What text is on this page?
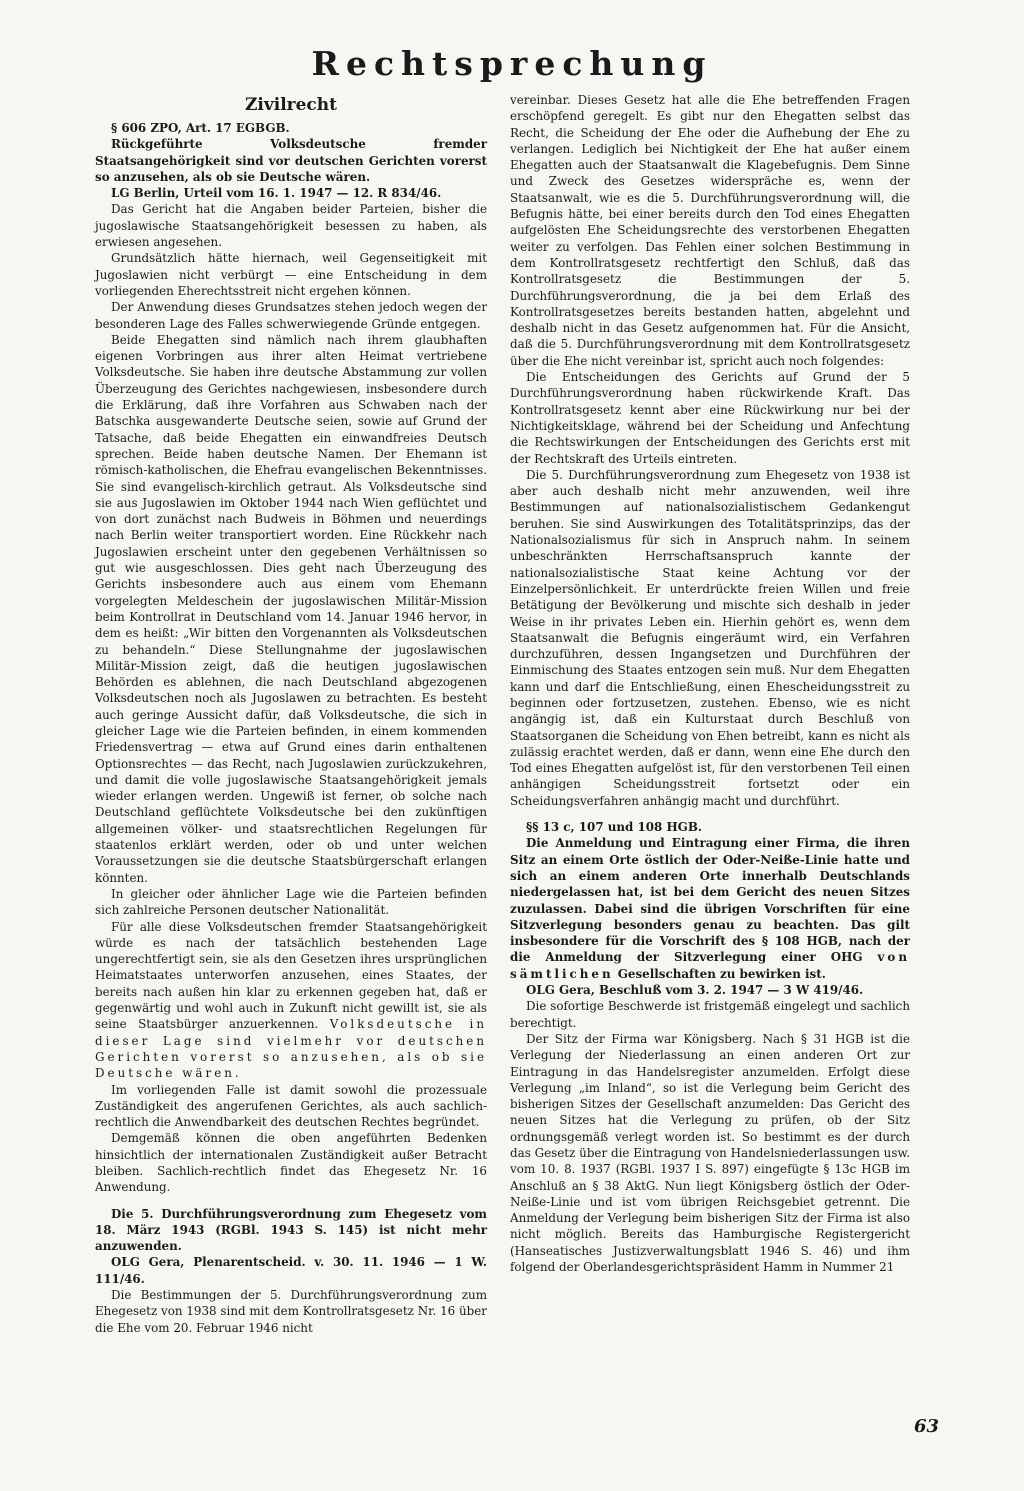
Rechtsprechung
Zivilrecht

§ 606 ZPO, Art. 17 EGBGB.

Rückgeführte Volksdeutsche fremder Staatsangehörigkeit sind vor deutschen Gerichten vorerst so anzusehen, als ob sie Deutsche wären.

LG Berlin, Urteil vom 16. 1. 1947 — 12. R 834/46.

Das Gericht hat die Angaben beider Parteien, bisher die jugoslawische Staatsangehörigkeit besessen zu haben, als erwiesen angesehen.

Grundsätzlich hätte hiernach, weil Gegenseitigkeit mit Jugoslawien nicht verbürgt — eine Entscheidung in dem vorliegenden Eherechtsstreit nicht ergehen können.

Der Anwendung dieses Grundsatzes stehen jedoch wegen der besonderen Lage des Falles schwerwiegende Gründe entgegen.

Beide Ehegatten sind nämlich nach ihrem glaubhaften eigenen Vorbringen aus ihrer alten Heimat vertriebene Volksdeutsche. Sie haben ihre deutsche Abstammung zur vollen Überzeugung des Gerichtes nachgewiesen, insbesondere durch die Erklärung, daß ihre Vorfahren aus Schwaben nach der Batschka ausgewanderte Deutsche seien, sowie auf Grund der Tatsache, daß beide Ehegatten ein einwandfreies Deutsch sprechen. Beide haben deutsche Namen. Der Ehemann ist römisch-katholischen, die Ehefrau evangelischen Bekenntnisses. Sie sind evangelisch-kirchlich getraut. Als Volksdeutsche sind sie aus Jugoslawien im Oktober 1944 nach Wien geflüchtet und von dort zunächst nach Budweis in Böhmen und neuerdings nach Berlin weiter transportiert worden. Eine Rückkehr nach Jugoslawien erscheint unter den gegebenen Verhältnissen so gut wie ausgeschlossen. Dies geht nach Überzeugung des Gerichts insbesondere auch aus einem vom Ehemann vorgelegten Meldeschein der jugoslawischen Militär-Mission beim Kontrollrat in Deutschland vom 14. Januar 1946 hervor, in dem es heißt: „Wir bitten den Vorgenannten als Volksdeutschen zu behandeln.“ Diese Stellungnahme der jugoslawischen Militär-Mission zeigt, daß die heutigen jugoslawischen Behörden es ablehnen, die nach Deutschland abgezogenen Volksdeutschen noch als Jugoslawen zu betrachten. Es besteht auch geringe Aussicht dafür, daß Volksdeutsche, die sich in gleicher Lage wie die Parteien befinden, in einem kommenden Friedensvertrag — etwa auf Grund eines darin enthaltenen Optionsrechtes — das Recht, nach Jugoslawien zurückzukehren, und damit die volle jugoslawische Staatsangehörigkeit jemals wieder erlangen werden. Ungewiß ist ferner, ob solche nach Deutschland geflüchtete Volksdeutsche bei den zukünftigen allgemeinen völker- und staatsrechtlichen Regelungen für staatenlos erklärt werden, oder ob und unter welchen Voraussetzungen sie die deutsche Staatsbürgerschaft erlangen könnten.

In gleicher oder ähnlicher Lage wie die Parteien befinden sich zahlreiche Personen deutscher Nationalität.

Für alle diese Volksdeutschen fremder Staatsangehörigkeit würde es nach der tatsächlich bestehenden Lage ungerechtfertigt sein, sie als den Gesetzen ihres ursprünglichen Heimatstaates unterworfen anzusehen, eines Staates, der bereits nach außen hin klar zu erkennen gegeben hat, daß er gegenwärtig und wohl auch in Zukunft nicht gewillt ist, sie als seine Staatsbürger anzuerkennen. Volksdeutsche in dieser Lage sind vielmehr vor deutschen Gerichten vorerst so anzusehen, als ob sie Deutsche wären.

Im vorliegenden Falle ist damit sowohl die prozessuale Zuständigkeit des angerufenen Gerichtes, als auch sachlich-rechtlich die Anwendbarkeit des deutschen Rechtes begründet.

Demgemäß können die oben angeführten Bedenken hinsichtlich der internationalen Zuständigkeit außer Betracht bleiben. Sachlich-rechtlich findet das Ehegesetz Nr. 16 Anwendung.

Die 5. Durchführungsverordnung zum Ehegesetz vom 18. März 1943 (RGBl. 1943 S. 145) ist nicht mehr anzuwenden.

OLG Gera, Plenarentscheid. v. 30. 11. 1946 — 1 W. 111/46.

Die Bestimmungen der 5. Durchführungsverordnung zum Ehegesetz von 1938 sind mit dem Kontrollratsgesetz Nr. 16 über die Ehe vom 20. Februar 1946 nicht

vereinbar. Dieses Gesetz hat alle die Ehe betreffenden Fragen erschöpfend geregelt. Es gibt nur den Ehegatten selbst das Recht, die Scheidung der Ehe oder die Aufhebung der Ehe zu verlangen. Lediglich bei Nichtigkeit der Ehe hat außer einem Ehegatten auch der Staatsanwalt die Klagebefugnis. Dem Sinne und Zweck des Gesetzes widerspräche es, wenn der Staatsanwalt, wie es die 5. Durchführungsverordnung will, die Befugnis hätte, bei einer bereits durch den Tod eines Ehegatten aufgelösten Ehe Scheidungsrechte des verstorbenen Ehegatten weiter zu verfolgen. Das Fehlen einer solchen Bestimmung in dem Kontrollratsgesetz rechtfertigt den Schluß, daß das Kontrollratsgesetz die Bestimmungen der 5. Durchführungsverordnung, die ja bei dem Erlaß des Kontrollratsgesetzes bereits bestanden hatten, abgelehnt und deshalb nicht in das Gesetz aufgenommen hat. Für die Ansicht, daß die 5. Durchführungsverordnung mit dem Kontrollratsgesetz über die Ehe nicht vereinbar ist, spricht auch noch folgendes:

Die Entscheidungen des Gerichts auf Grund der 5 Durchführungsverordnung haben rückwirkende Kraft. Das Kontrollratsgesetz kennt aber eine Rückwirkung nur bei der Nichtigkeitsklage, während bei der Scheidung und Anfechtung die Rechtswirkungen der Entscheidungen des Gerichts erst mit der Rechtskraft des Urteils eintreten.

Die 5. Durchführungsverordnung zum Ehegesetz von 1938 ist aber auch deshalb nicht mehr anzuwenden, weil ihre Bestimmungen auf nationalsozialistischem Gedankengut beruhen. Sie sind Auswirkungen des Totalitätsprinzips, das der Nationalsozialismus für sich in Anspruch nahm. In seinem unbeschränkten Herrschaftsanspruch kannte der nationalsozialistische Staat keine Achtung vor der Einzelpersönlichkeit. Er unterdrückte freien Willen und freie Betätigung der Bevölkerung und mischte sich deshalb in jeder Weise in ihr privates Leben ein. Hierhin gehört es, wenn dem Staatsanwalt die Befugnis eingeräumt wird, ein Verfahren durchzuführen, dessen Ingangsetzen und Durchführen der Einmischung des Staates entzogen sein muß. Nur dem Ehegatten kann und darf die Entschließung, einen Ehescheidungsstreit zu beginnen oder fortzusetzen, zustehen. Ebenso, wie es nicht angängig ist, daß ein Kulturstaat durch Beschluß von Staatsorganen die Scheidung von Ehen betreibt, kann es nicht als zulässig erachtet werden, daß er dann, wenn eine Ehe durch den Tod eines Ehegatten aufgelöst ist, für den verstorbenen Teil einen anhängigen Scheidungsstreit fortsetzt oder ein Scheidungsverfahren anhängig macht und durchführt.

§§ 13 c, 107 und 108 HGB.

Die Anmeldung und Eintragung einer Firma, die ihren Sitz an einem Orte östlich der Oder-Neiße-Linie hatte und sich an einem anderen Orte innerhalb Deutschlands niedergelassen hat, ist bei dem Gericht des neuen Sitzes zuzulassen. Dabei sind die übrigen Vorschriften für eine Sitzverlegung besonders genau zu beachten. Das gilt insbesondere für die Vorschrift des § 108 HGB, nach der die Anmeldung der Sitzverlegung einer OHG von sämtlichen Gesellschaften zu bewirken ist.

OLG Gera, Beschluß vom 3. 2. 1947 — 3 W 419/46.

Die sofortige Beschwerde ist fristgemäß eingelegt und sachlich berechtigt.

Der Sitz der Firma war Königsberg. Nach § 31 HGB ist die Verlegung der Niederlassung an einen anderen Ort zur Eintragung in das Handelsregister anzumelden. Erfolgt diese Verlegung „im Inland“, so ist die Verlegung beim Gericht des bisherigen Sitzes der Gesellschaft anzumelden: Das Gericht des neuen Sitzes hat die Verlegung zu prüfen, ob der Sitz ordnungsgemäß verlegt worden ist. So bestimmt es der durch das Gesetz über die Eintragung von Handelsniederlassungen usw. vom 10. 8. 1937 (RGBl. 1937 I S. 897) eingefügte § 13c HGB im Anschluß an § 38 AktG. Nun liegt Königsberg östlich der Oder-Neiße-Linie und ist vom übrigen Reichsgebiet getrennt. Die Anmeldung der Verlegung beim bisherigen Sitz der Firma ist also nicht möglich. Bereits das Hamburgische Registergericht (Hanseatisches Justizverwaltungsblatt 1946 S. 46) und ihm folgend der Oberlandesgerichtspräsident Hamm in Nummer 21

63
